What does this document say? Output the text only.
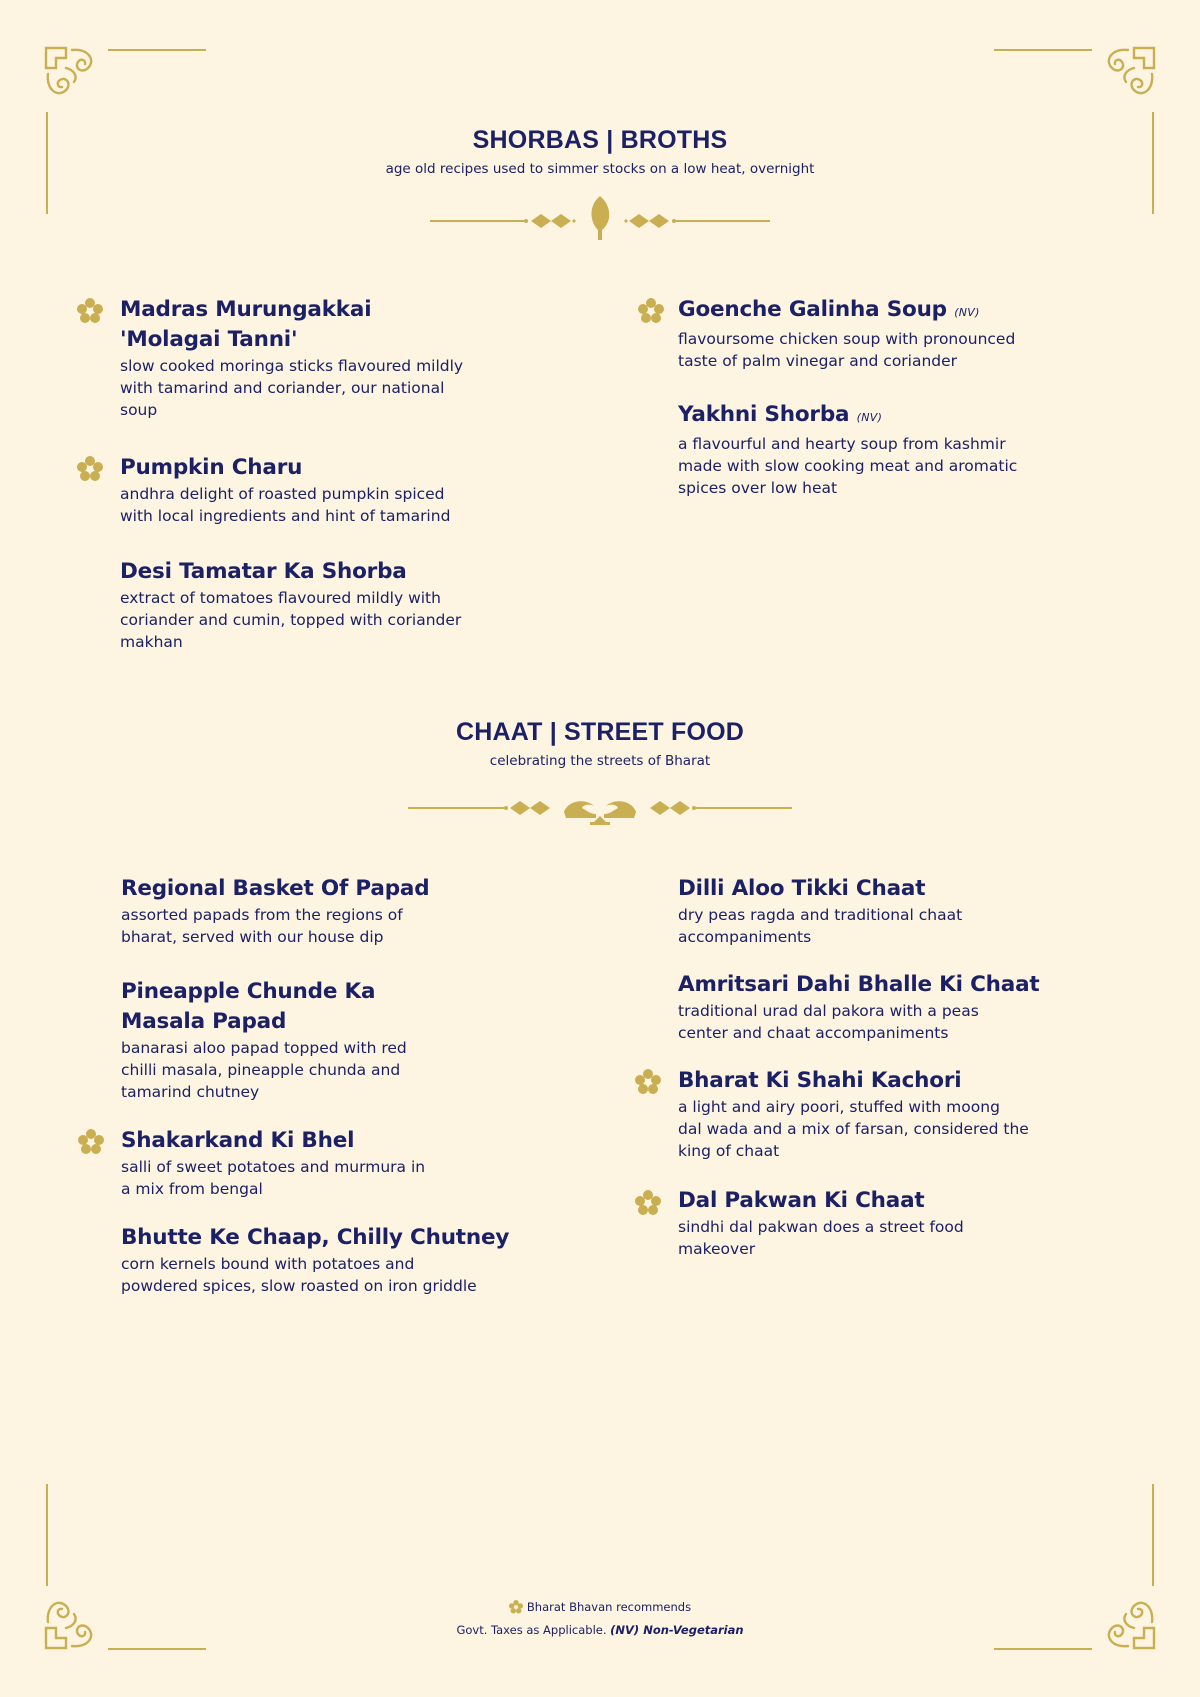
SHORBAS | BROTHS
age old recipes used to simmer stocks on a low heat, overnight
Madras Murungakkai
'Molagai Tanni'
slow cooked moringa sticks flavoured mildly
with tamarind and coriander, our national
soup
Pumpkin Charu
andhra delight of roasted pumpkin spiced
with local ingredients and hint of tamarind
Desi Tamatar Ka Shorba
extract of tomatoes flavoured mildly with
coriander and cumin, topped with coriander
makhan
Goenche Galinha Soup (NV)
flavoursome chicken soup with pronounced
taste of palm vinegar and coriander
Yakhni Shorba (NV)
a flavourful and hearty soup from kashmir
made with slow cooking meat and aromatic
spices over low heat
CHAAT | STREET FOOD
celebrating the streets of Bharat
Regional Basket Of Papad
assorted papads from the regions of
bharat, served with our house dip
Pineapple Chunde Ka
Masala Papad
banarasi aloo papad topped with red
chilli masala, pineapple chunda and
tamarind chutney
Shakarkand Ki Bhel
salli of sweet potatoes and murmura in
a mix from bengal
Bhutte Ke Chaap, Chilly Chutney
corn kernels bound with potatoes and
powdered spices, slow roasted on iron griddle
Dilli Aloo Tikki Chaat
dry peas ragda and traditional chaat
accompaniments
Amritsari Dahi Bhalle Ki Chaat
traditional urad dal pakora with a peas
center and chaat accompaniments
Bharat Ki Shahi Kachori
a light and airy poori, stuffed with moong
dal wada and a mix of farsan, considered the
king of chaat
Dal Pakwan Ki Chaat
sindhi dal pakwan does a street food
makeover
Bharat Bhavan recommends
Govt. Taxes as Applicable. (NV) Non-Vegetarian
